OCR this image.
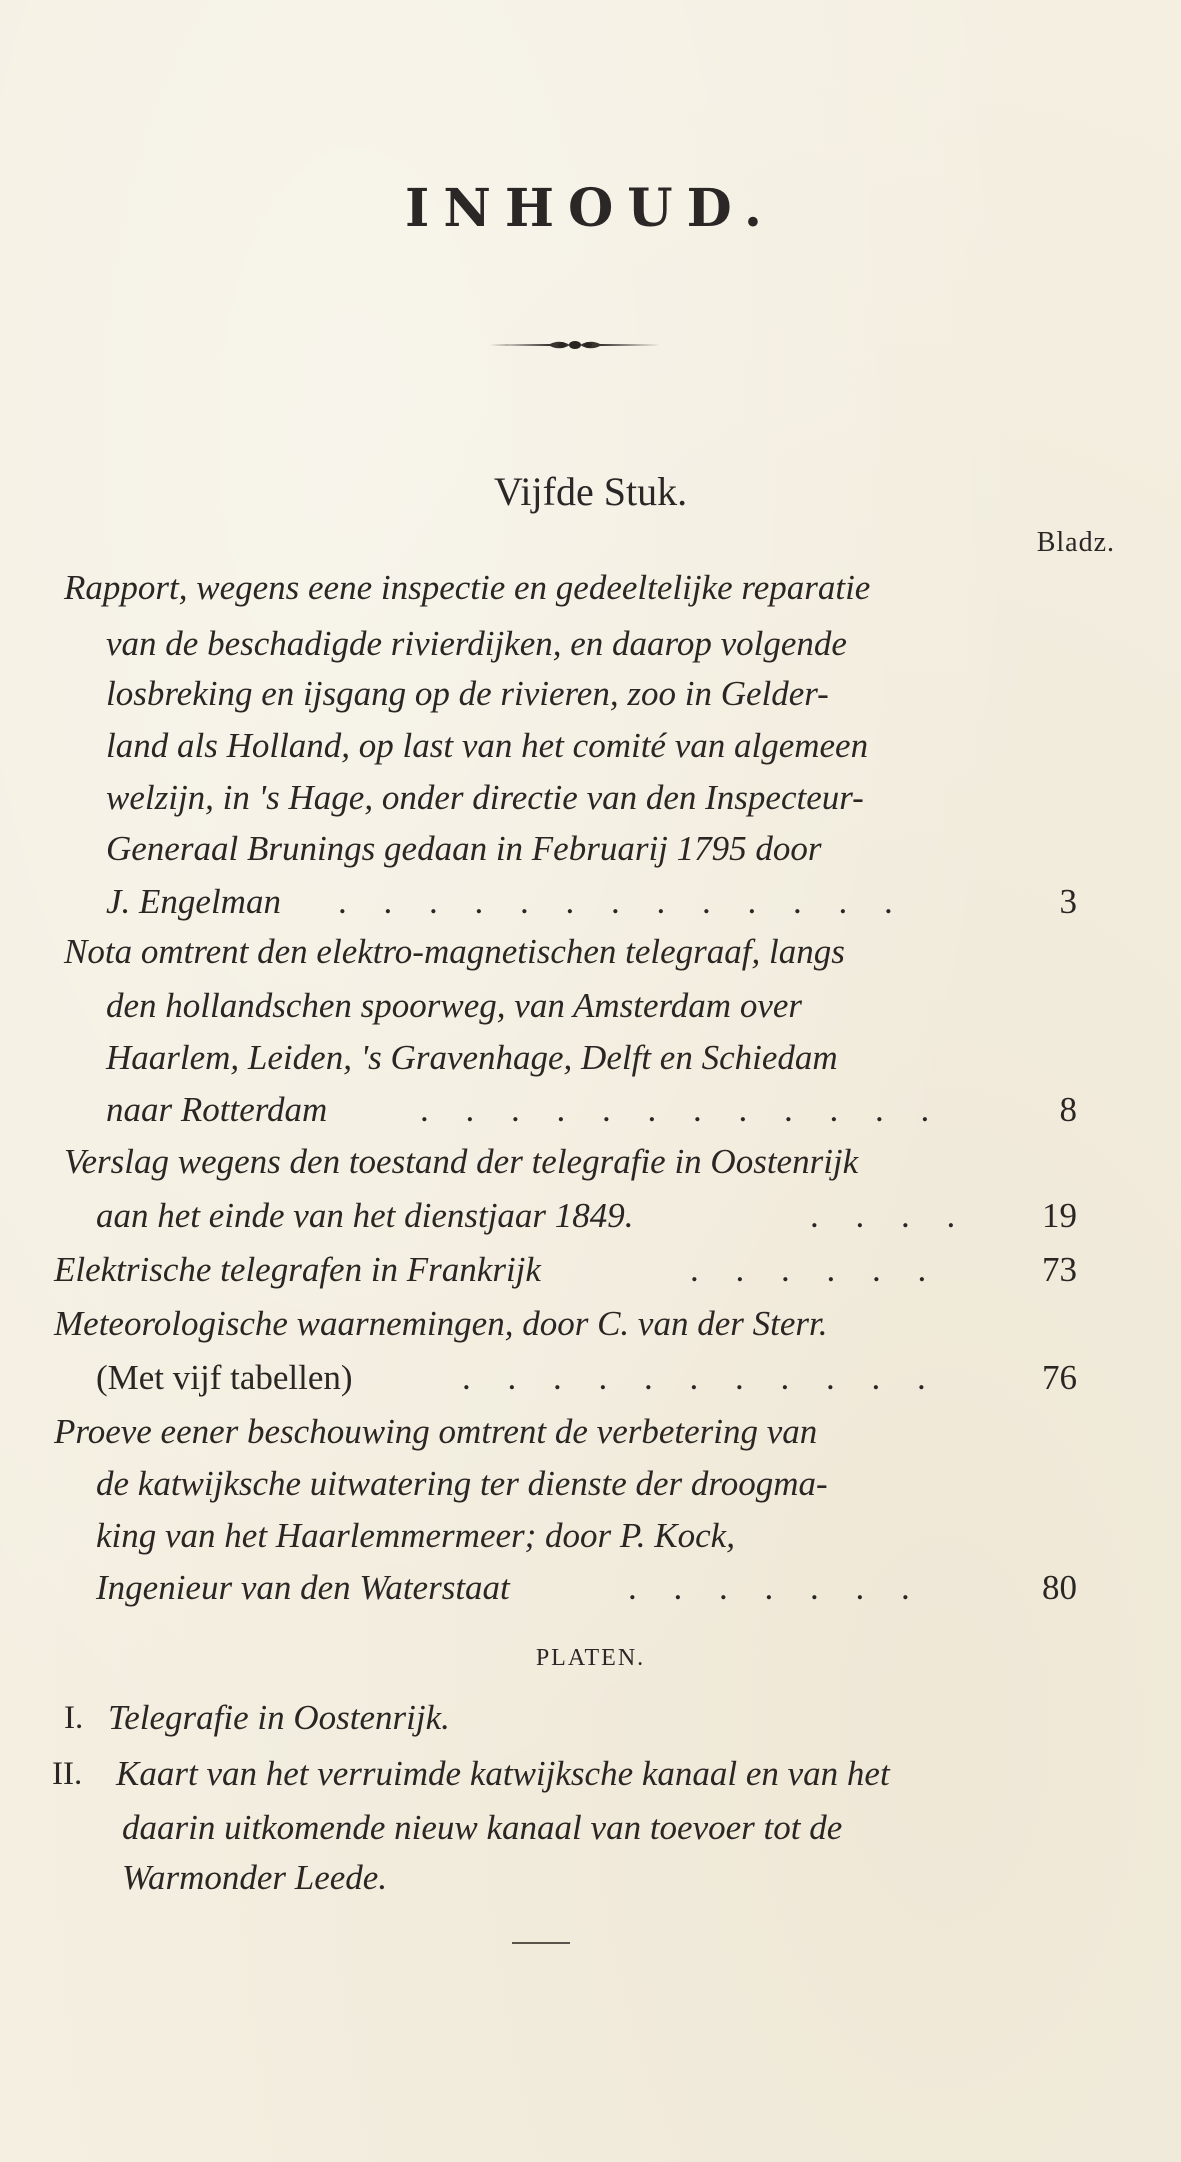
INHOUD.
Vijfde Stuk.
Bladz.
Rapport, wegens eene inspectie en gedeeltelijke reparatie
van de beschadigde rivierdijken, en daarop volgende
losbreking en ijsgang op de rivieren, zoo in Gelder-
land als Holland, op last van het comité van algemeen
welzijn, in 's Hage, onder directie van den Inspecteur-
Generaal Brunings gedaan in Februarij 1795 door
J. Engelman . . . . . . . . . . . . .	3
Nota omtrent den elektro-magnetischen telegraaf, langs
den hollandschen spoorweg, van Amsterdam over
Haarlem, Leiden, 's Gravenhage, Delft en Schiedam
naar Rotterdam	. . . . . . . . . . . .	8
Verslag wegens den toestand der telegrafie in Oostenrijk
aan het einde van het dienstjaar 1849.	. . . . 19
Elektrische telegrafen in Frankrijk	. . . . . .	73
Meteorologische waarnemingen, door C. van der Sterr.
(Met vijf tabellen)	. . . . . . . . . . .	76
Proeve eener beschouwing omtrent de verbetering van
de katwijksche uitwatering ter dienste der droogma-
king van het Haarlemmermeer; door P. Kock,
Ingenieur van den Waterstaat	. . . . . . .	80
PLATEN.
I. Telegrafie in Oostenrijk.
II. Kaart van het verruimde katwijksche kanaal en van het
daarin uitkomende nieuw kanaal van toevoer tot de
Warmonder Leede.
